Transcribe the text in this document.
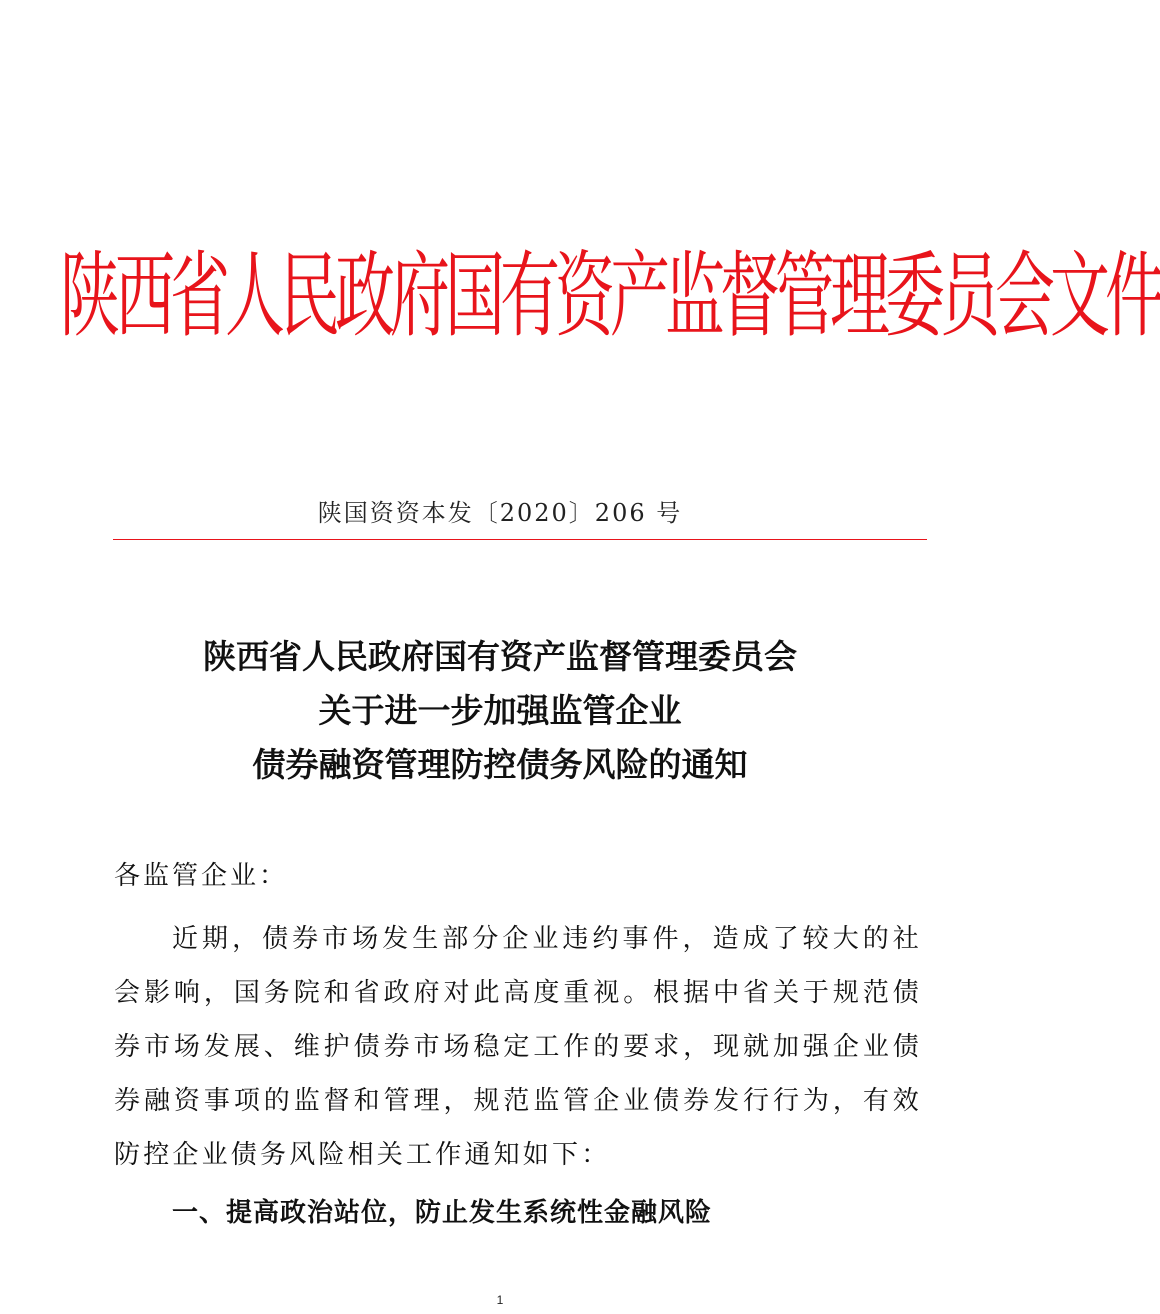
陕西省人民政府国有资产监督管理委员会文件
陕国资资本发〔2020〕206 号
陕西省人民政府国有资产监督管理委员会
关于进一步加强监管企业
债券融资管理防控债务风险的通知
各监管企业：
近期，债券市场发生部分企业违约事件，造成了较大的社会影响，国务院和省政府对此高度重视。根据中省关于规范债券市场发展、维护债券市场稳定工作的要求，现就加强企业债券融资事项的监督和管理，规范监管企业债券发行行为，有效防控企业债务风险相关工作通知如下：
一、提高政治站位，防止发生系统性金融风险
1
